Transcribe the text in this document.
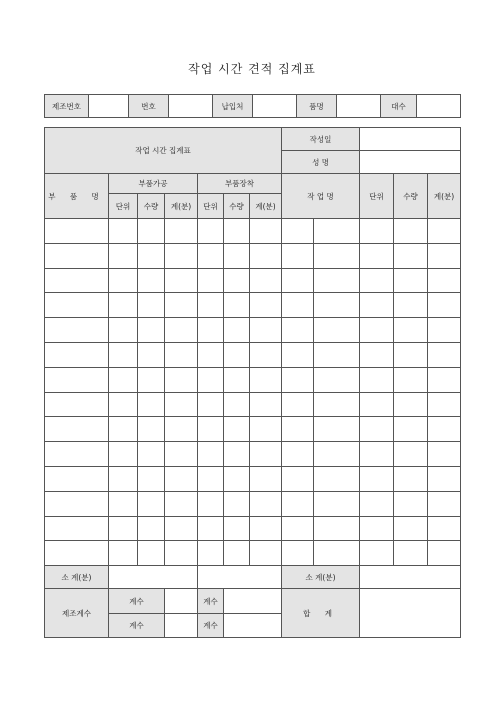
작업 시간 견적 집계표
제조번호		번호		납입처		품명		대수	
작업 시간 집계표							작성일				
							성 명				
부 품 명	부품가공			부품장착			작 업 명		단위	수량	계(분)
	단위	수량	계(분)	단위	수량	계(분)					

소 계(분)							소 계(분)				
제조계수	계수			계수			합 계				
	계수			계수							
